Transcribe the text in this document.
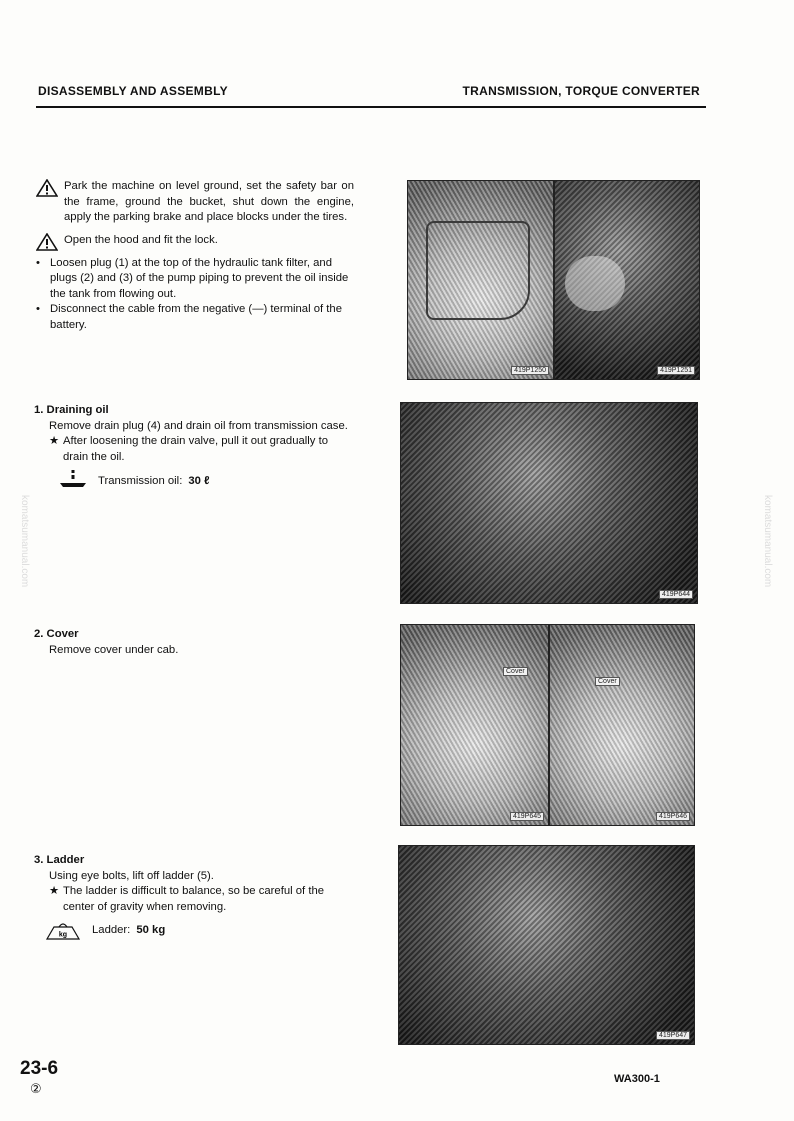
DISASSEMBLY AND ASSEMBLY	TRANSMISSION, TORQUE CONVERTER
Park the machine on level ground, set the safety bar on the frame, ground the bucket, shut down the engine, apply the parking brake and place blocks under the tires.
Open the hood and fit the lock.
• Loosen plug (1) at the top of the hydraulic tank filter, and plugs (2) and (3) of the pump piping to prevent the oil inside the tank from flowing out.
• Disconnect the cable from the negative (—) terminal of the battery.
1. Draining oil
Remove drain plug (4) and drain oil from transmission case.
★ After loosening the drain valve, pull it out gradually to drain the oil.
Transmission oil: 30 ℓ
2. Cover
Remove cover under cab.
3. Ladder
Using eye bolts, lift off ladder (5).
★ The ladder is difficult to balance, so be careful of the center of gravity when removing.
kg Ladder: 50 kg
419P1250	419P1251
419P644
Cover
419P645
Cover
419P646
419P647
komatsumanual.com	komatsumanual.com
23-6
②
WA300-1
